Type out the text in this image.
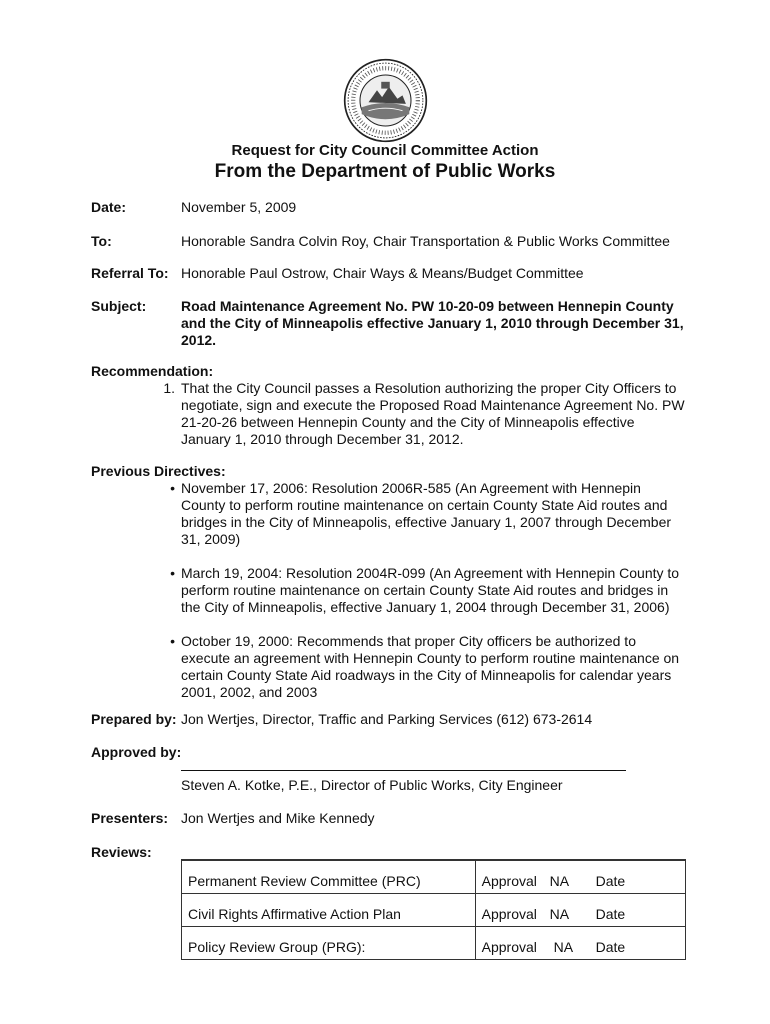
Request for City Council Committee Action
From the Department of Public Works
Date:	November 5, 2009
To:	Honorable Sandra Colvin Roy, Chair Transportation & Public Works Committee
Referral To: Honorable Paul Ostrow, Chair Ways & Means/Budget Committee
Subject: Road Maintenance Agreement No. PW 10-20-09 between Hennepin County and the City of Minneapolis effective January 1, 2010 through December 31, 2012.
Recommendation:
1. That the City Council passes a Resolution authorizing the proper City Officers to negotiate, sign and execute the Proposed Road Maintenance Agreement No. PW 21-20-26 between Hennepin County and the City of Minneapolis effective January 1, 2010 through December 31, 2012.
Previous Directives:
• November 17, 2006: Resolution 2006R-585 (An Agreement with Hennepin County to perform routine maintenance on certain County State Aid routes and bridges in the City of Minneapolis, effective January 1, 2007 through December 31, 2009)
• March 19, 2004: Resolution 2004R-099 (An Agreement with Hennepin County to perform routine maintenance on certain County State Aid routes and bridges in the City of Minneapolis, effective January 1, 2004 through December 31, 2006)
• October 19, 2000: Recommends that proper City officers be authorized to execute an agreement with Hennepin County to perform routine maintenance on certain County State Aid roadways in the City of Minneapolis for calendar years 2001, 2002, and 2003
Prepared by: Jon Wertjes, Director, Traffic and Parking Services (612) 673-2614
Approved by:
Steven A. Kotke, P.E., Director of Public Works, City Engineer
Presenters: Jon Wertjes and Mike Kennedy
Reviews:

Permanent Review Committee (PRC)	Approval NA Date
Civil Rights Affirmative Action Plan	Approval NA Date
Policy Review Group (PRG):	Approval NA Date
